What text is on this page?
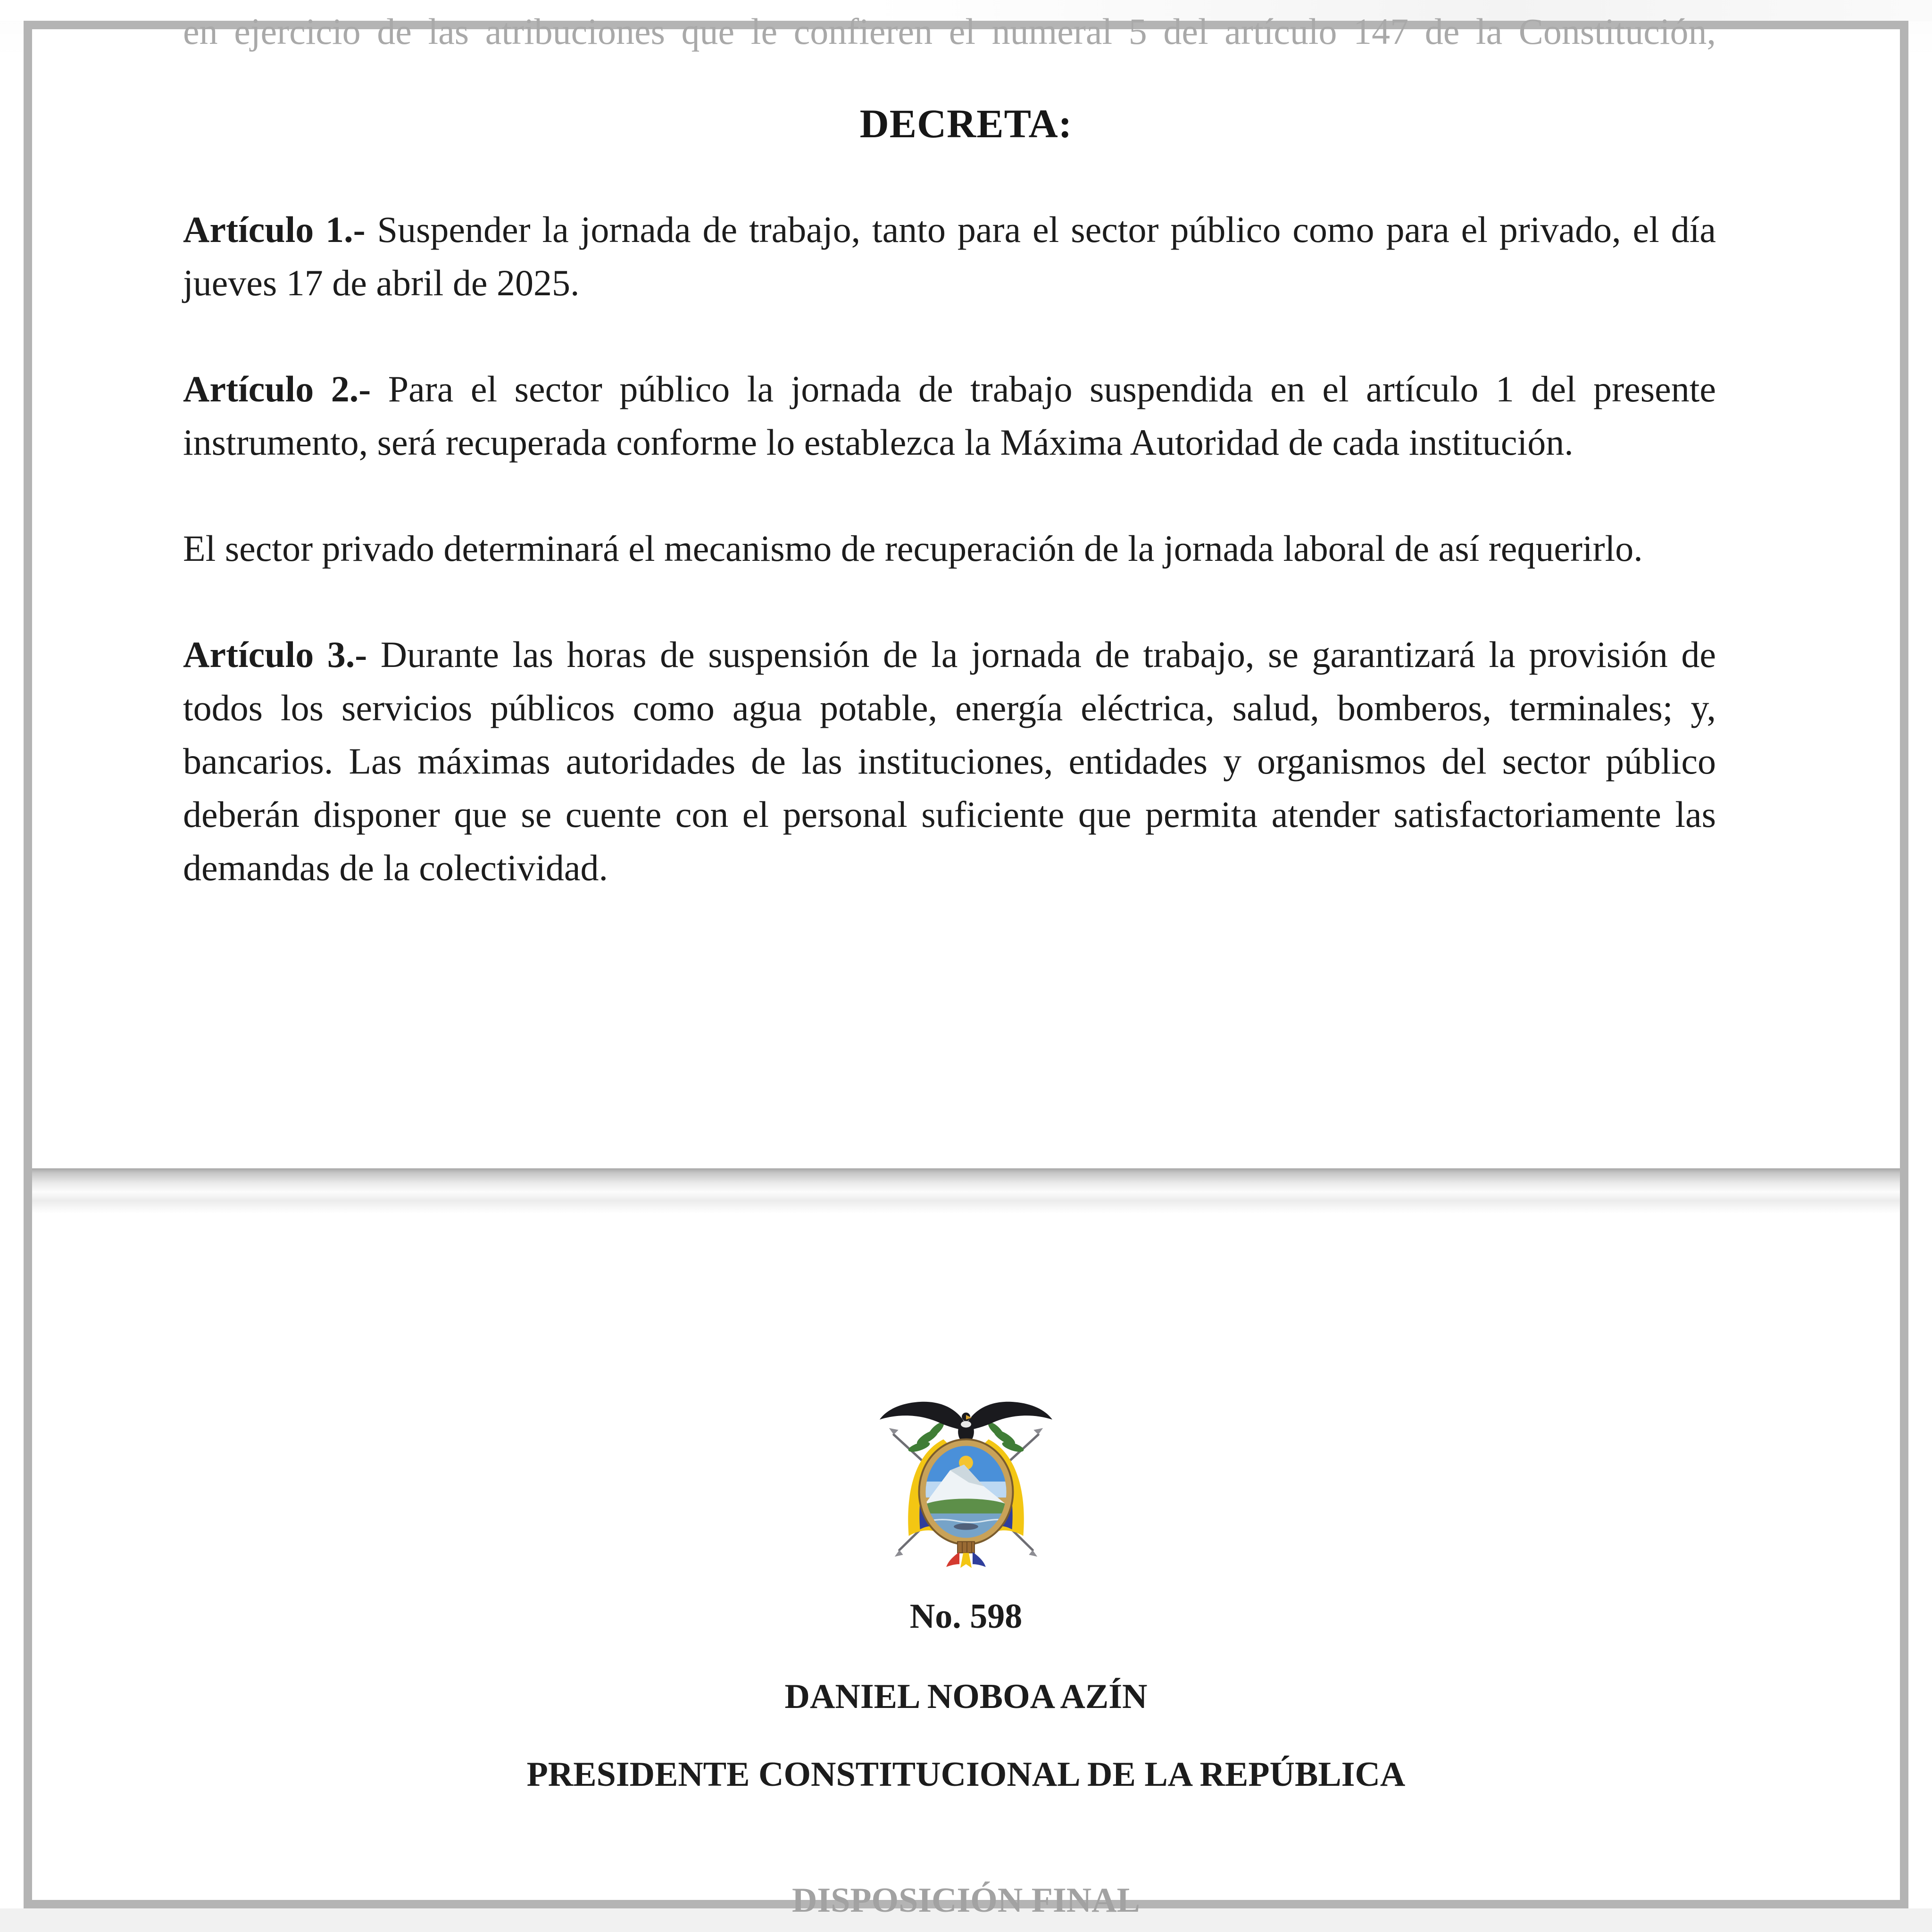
en ejercicio de las atribuciones que le confieren el numeral 5 del artículo 147 de la Constitución,

DECRETA:

Artículo 1.- Suspender la jornada de trabajo, tanto para el sector público como para el privado, el día jueves 17 de abril de 2025.

Artículo 2.- Para el sector público la jornada de trabajo suspendida en el artículo 1 del presente instrumento, será recuperada conforme lo establezca la Máxima Autoridad de cada institución.

El sector privado determinará el mecanismo de recuperación de la jornada laboral de así requerirlo.

Artículo 3.- Durante las horas de suspensión de la jornada de trabajo, se garantizará la provisión de todos los servicios públicos como agua potable, energía eléctrica, salud, bomberos, terminales; y, bancarios. Las máximas autoridades de las instituciones, entidades y organismos del sector público deberán disponer que se cuente con el personal suficiente que permita atender satisfactoriamente las demandas de la colectividad.

No. 598
DANIEL NOBOA AZÍN
PRESIDENTE CONSTITUCIONAL DE LA REPÚBLICA

DISPOSICIÓN FINAL
